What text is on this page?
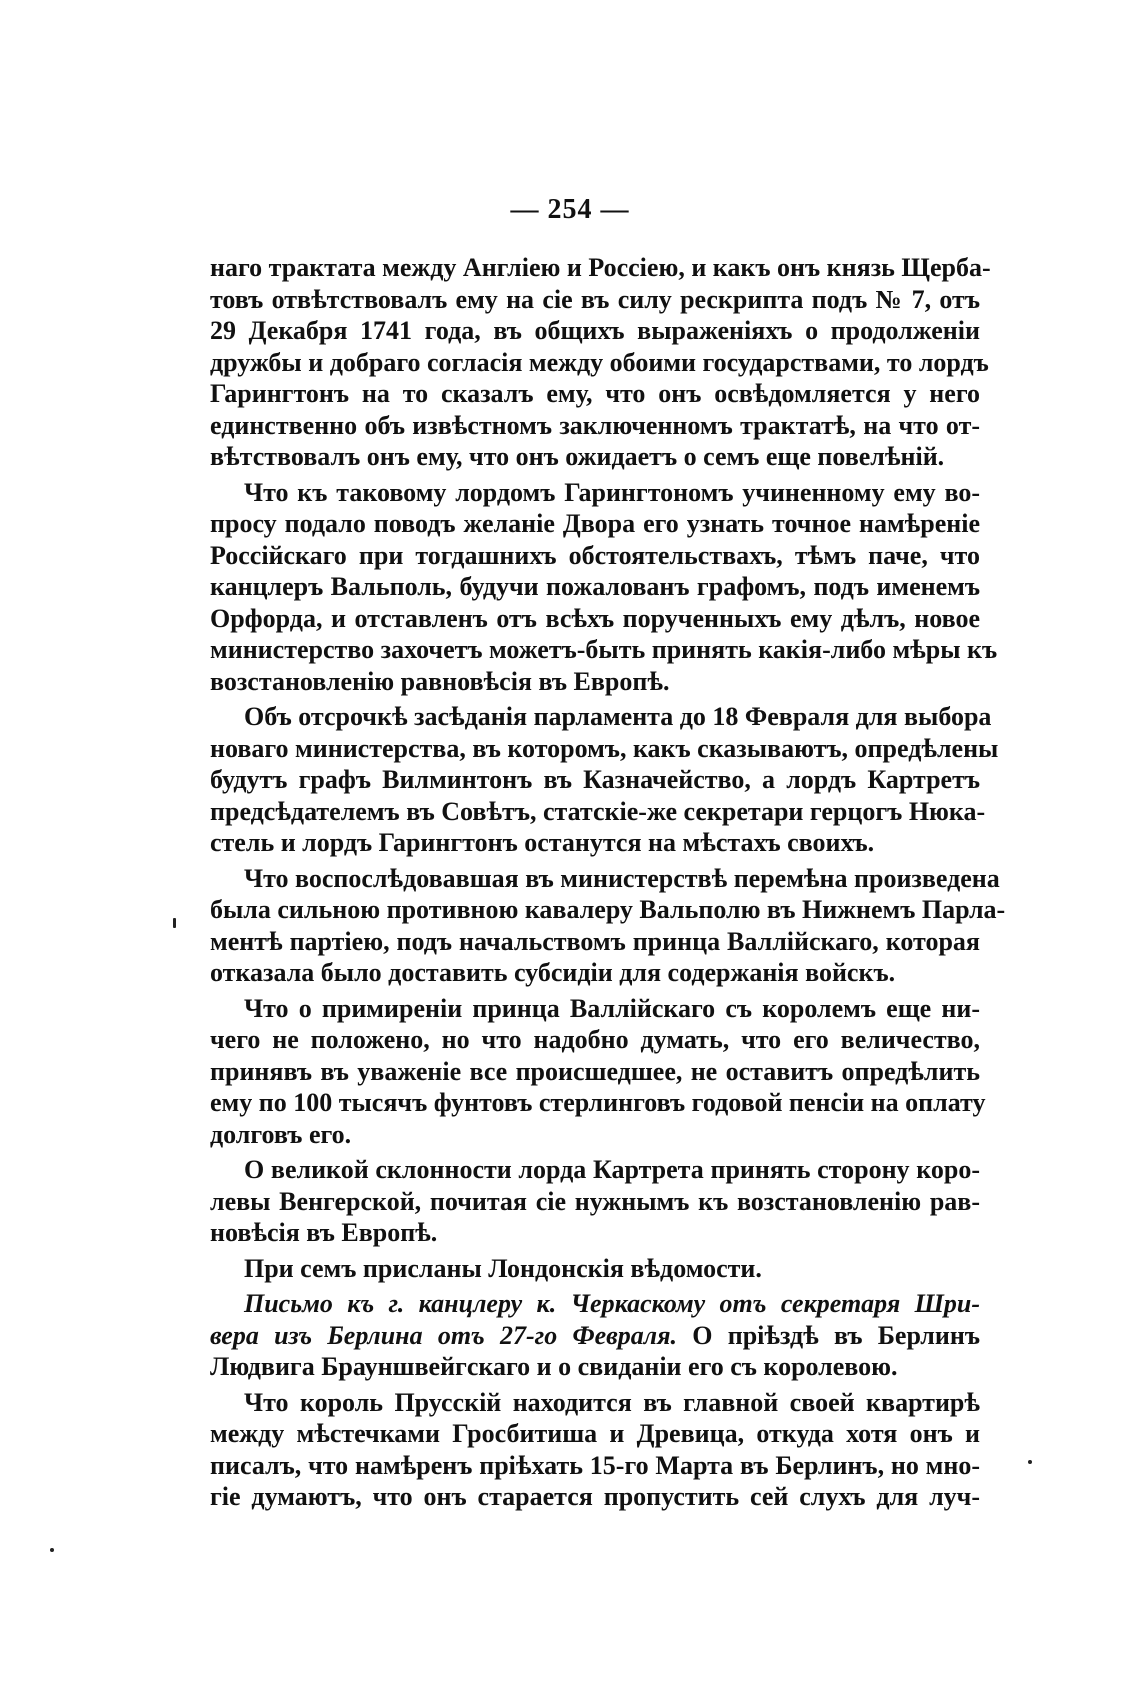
— 254 —
наго трактата между Англіею и Россіею, и какъ онъ князь Щерба-
товъ отвѣтствовалъ ему на сіе въ силу рескрипта подъ № 7, отъ
29 Декабря 1741 года, въ общихъ выраженіяхъ о продолженіи
дружбы и добраго согласія между обоими государствами, то лордъ
Гарингтонъ на то сказалъ ему, что онъ освѣдомляется у него
единственно объ извѣстномъ заключенномъ трактатѣ, на что от-
вѣтствовалъ онъ ему, что онъ ожидаетъ о семъ еще повелѣній.
Что къ таковому лордомъ Гарингтономъ учиненному ему во-
просу подало поводъ желаніе Двора его узнать точное намѣреніе
Россійскаго при тогдашнихъ обстоятельствахъ, тѣмъ паче, что
канцлеръ Вальполь, будучи пожалованъ графомъ, подъ именемъ
Орфорда, и отставленъ отъ всѣхъ порученныхъ ему дѣлъ, новое
министерство захочетъ можетъ-быть принять какія-либо мѣры къ
возстановленію равновѣсія въ Европѣ.
Объ отсрочкѣ засѣданія парламента до 18 Февраля для выбора
новаго министерства, въ которомъ, какъ сказываютъ, опредѣлены
будутъ графъ Вилминтонъ въ Казначейство, а лордъ Картретъ
предсѣдателемъ въ Совѣтъ, статскіе-же секретари герцогъ Нюка-
стель и лордъ Гарингтонъ останутся на мѣстахъ своихъ.
Что воспослѣдовавшая въ министерствѣ перемѣна произведена
была сильною противною кавалеру Вальполю въ Нижнемъ Парла-
ментѣ партіею, подъ начальствомъ принца Валлійскаго, которая
отказала было доставить субсидіи для содержанія войскъ.
Что о примиреніи принца Валлійскаго съ королемъ еще ни-
чего не положено, но что надобно думать, что его величество,
принявъ въ уваженіе все происшедшее, не оставитъ опредѣлить
ему по 100 тысячъ фунтовъ стерлинговъ годовой пенсіи на оплату
долговъ его.
О великой склонности лорда Картрета принять сторону коро-
левы Венгерской, почитая сіе нужнымъ къ возстановленію рав-
новѣсія въ Европѣ.
При семъ присланы Лондонскія вѣдомости.
Письмо къ г. канцлеру к. Черкаскому отъ секретаря Шри-
вера изъ Берлина отъ 27-го Февраля. О пріѣздѣ въ Берлинъ
Людвига Брауншвейгскаго и о свиданіи его съ королевою.
Что король Прусскій находится въ главной своей квартирѣ
между мѣстечками Гросбитиша и Древица, откуда хотя онъ и
писалъ, что намѣренъ пріѣхать 15-го Марта въ Берлинъ, но мно-
гіе думаютъ, что онъ старается пропустить сей слухъ для луч-
